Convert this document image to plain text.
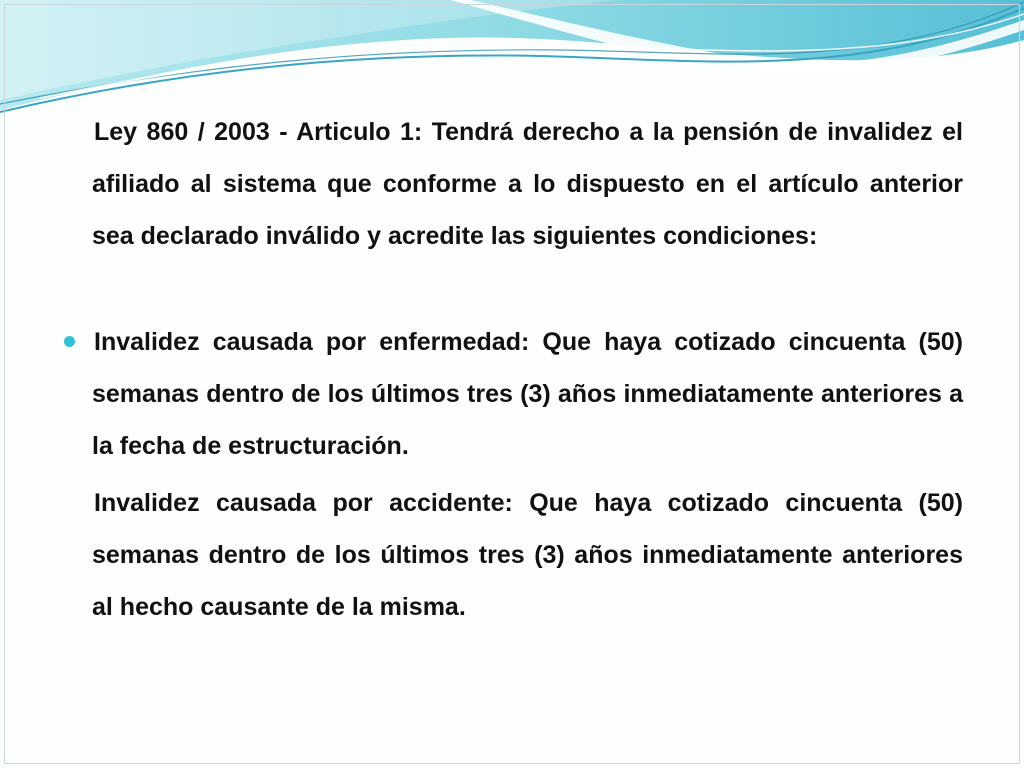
Ley 860 / 2003 - Articulo 1: Tendrá derecho a la pensión de invalidez el afiliado al sistema que conforme a lo dispuesto en el artículo anterior sea declarado inválido y acredite las siguientes condiciones:

Invalidez causada por enfermedad: Que haya cotizado cincuenta (50) semanas dentro de los últimos tres (3) años inmediatamente anteriores a la fecha de estructuración.

Invalidez causada por accidente: Que haya cotizado cincuenta (50) semanas dentro de los últimos tres (3) años inmediatamente anteriores al hecho causante de la misma.
